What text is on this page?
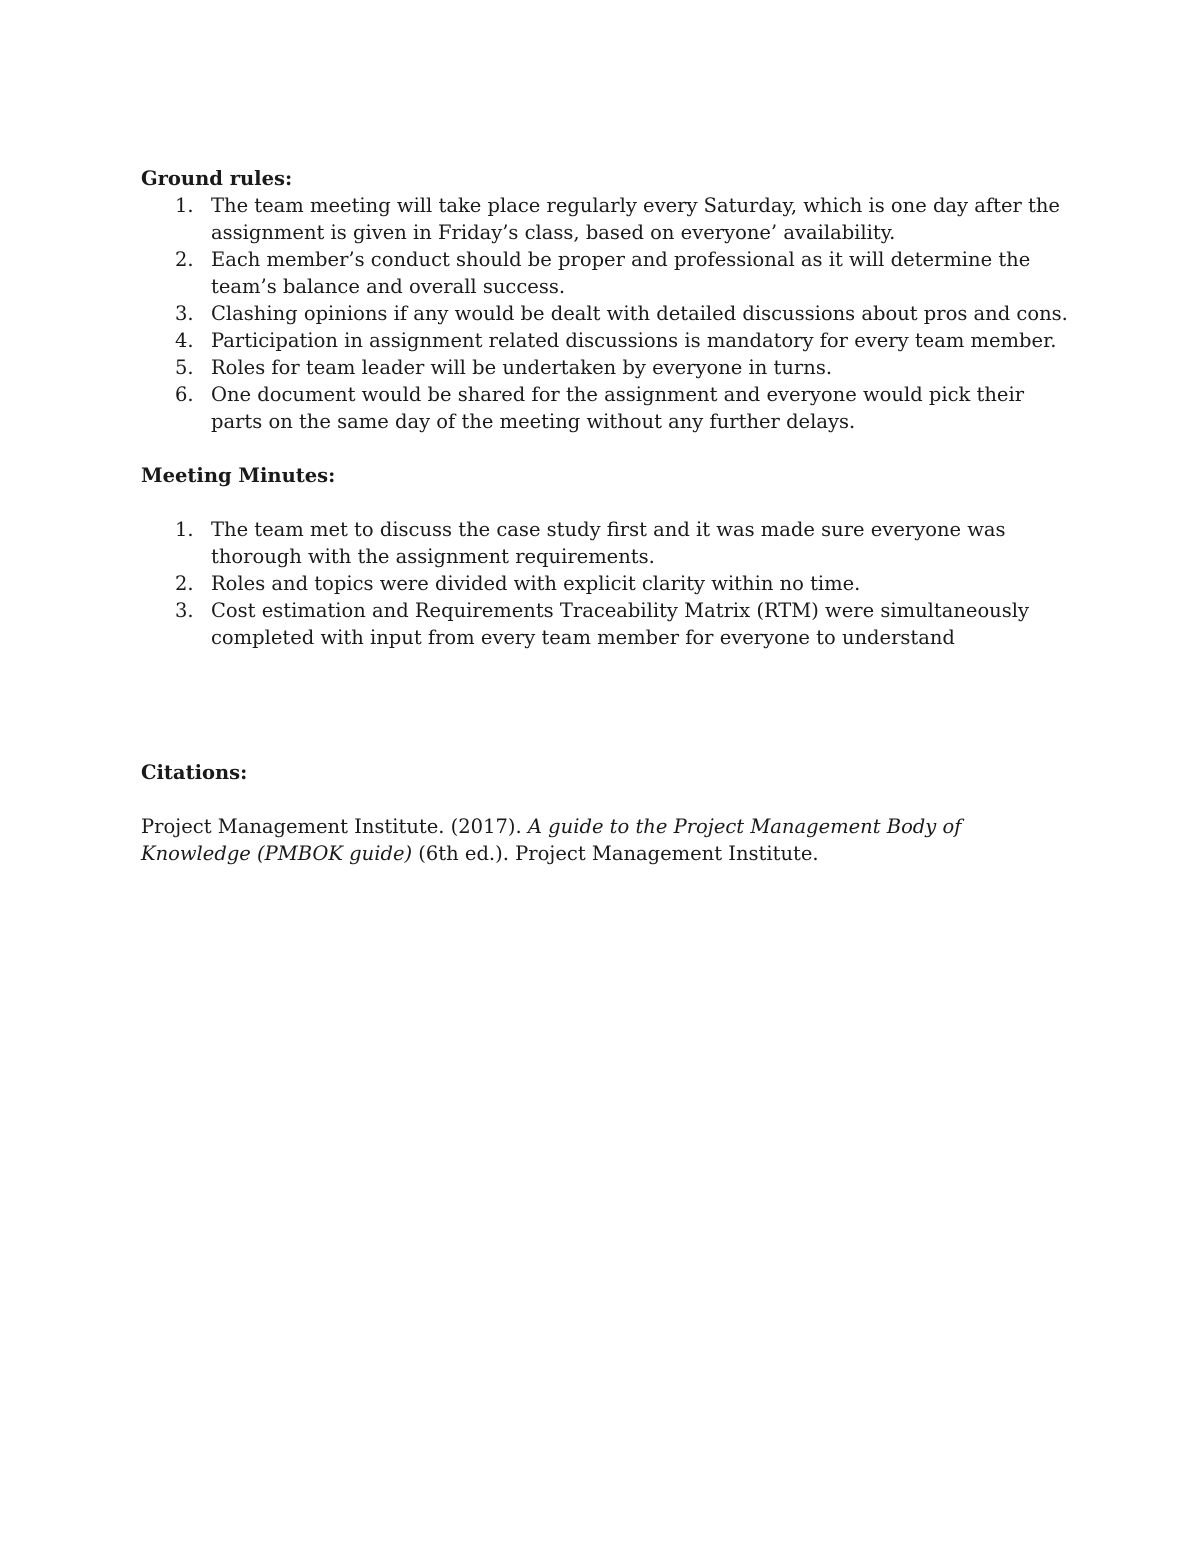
Ground rules:

1. The team meeting will take place regularly every Saturday, which is one day after the assignment is given in Friday’s class, based on everyone’ availability.
2. Each member’s conduct should be proper and professional as it will determine the team’s balance and overall success.
3. Clashing opinions if any would be dealt with detailed discussions about pros and cons.
4. Participation in assignment related discussions is mandatory for every team member.
5. Roles for team leader will be undertaken by everyone in turns.
6. One document would be shared for the assignment and everyone would pick their parts on the same day of the meeting without any further delays.

Meeting Minutes:

1. The team met to discuss the case study first and it was made sure everyone was thorough with the assignment requirements.
2. Roles and topics were divided with explicit clarity within no time.
3. Cost estimation and Requirements Traceability Matrix (RTM) were simultaneously completed with input from every team member for everyone to understand

Citations:

Project Management Institute. (2017). A guide to the Project Management Body of Knowledge (PMBOK guide) (6th ed.). Project Management Institute.
